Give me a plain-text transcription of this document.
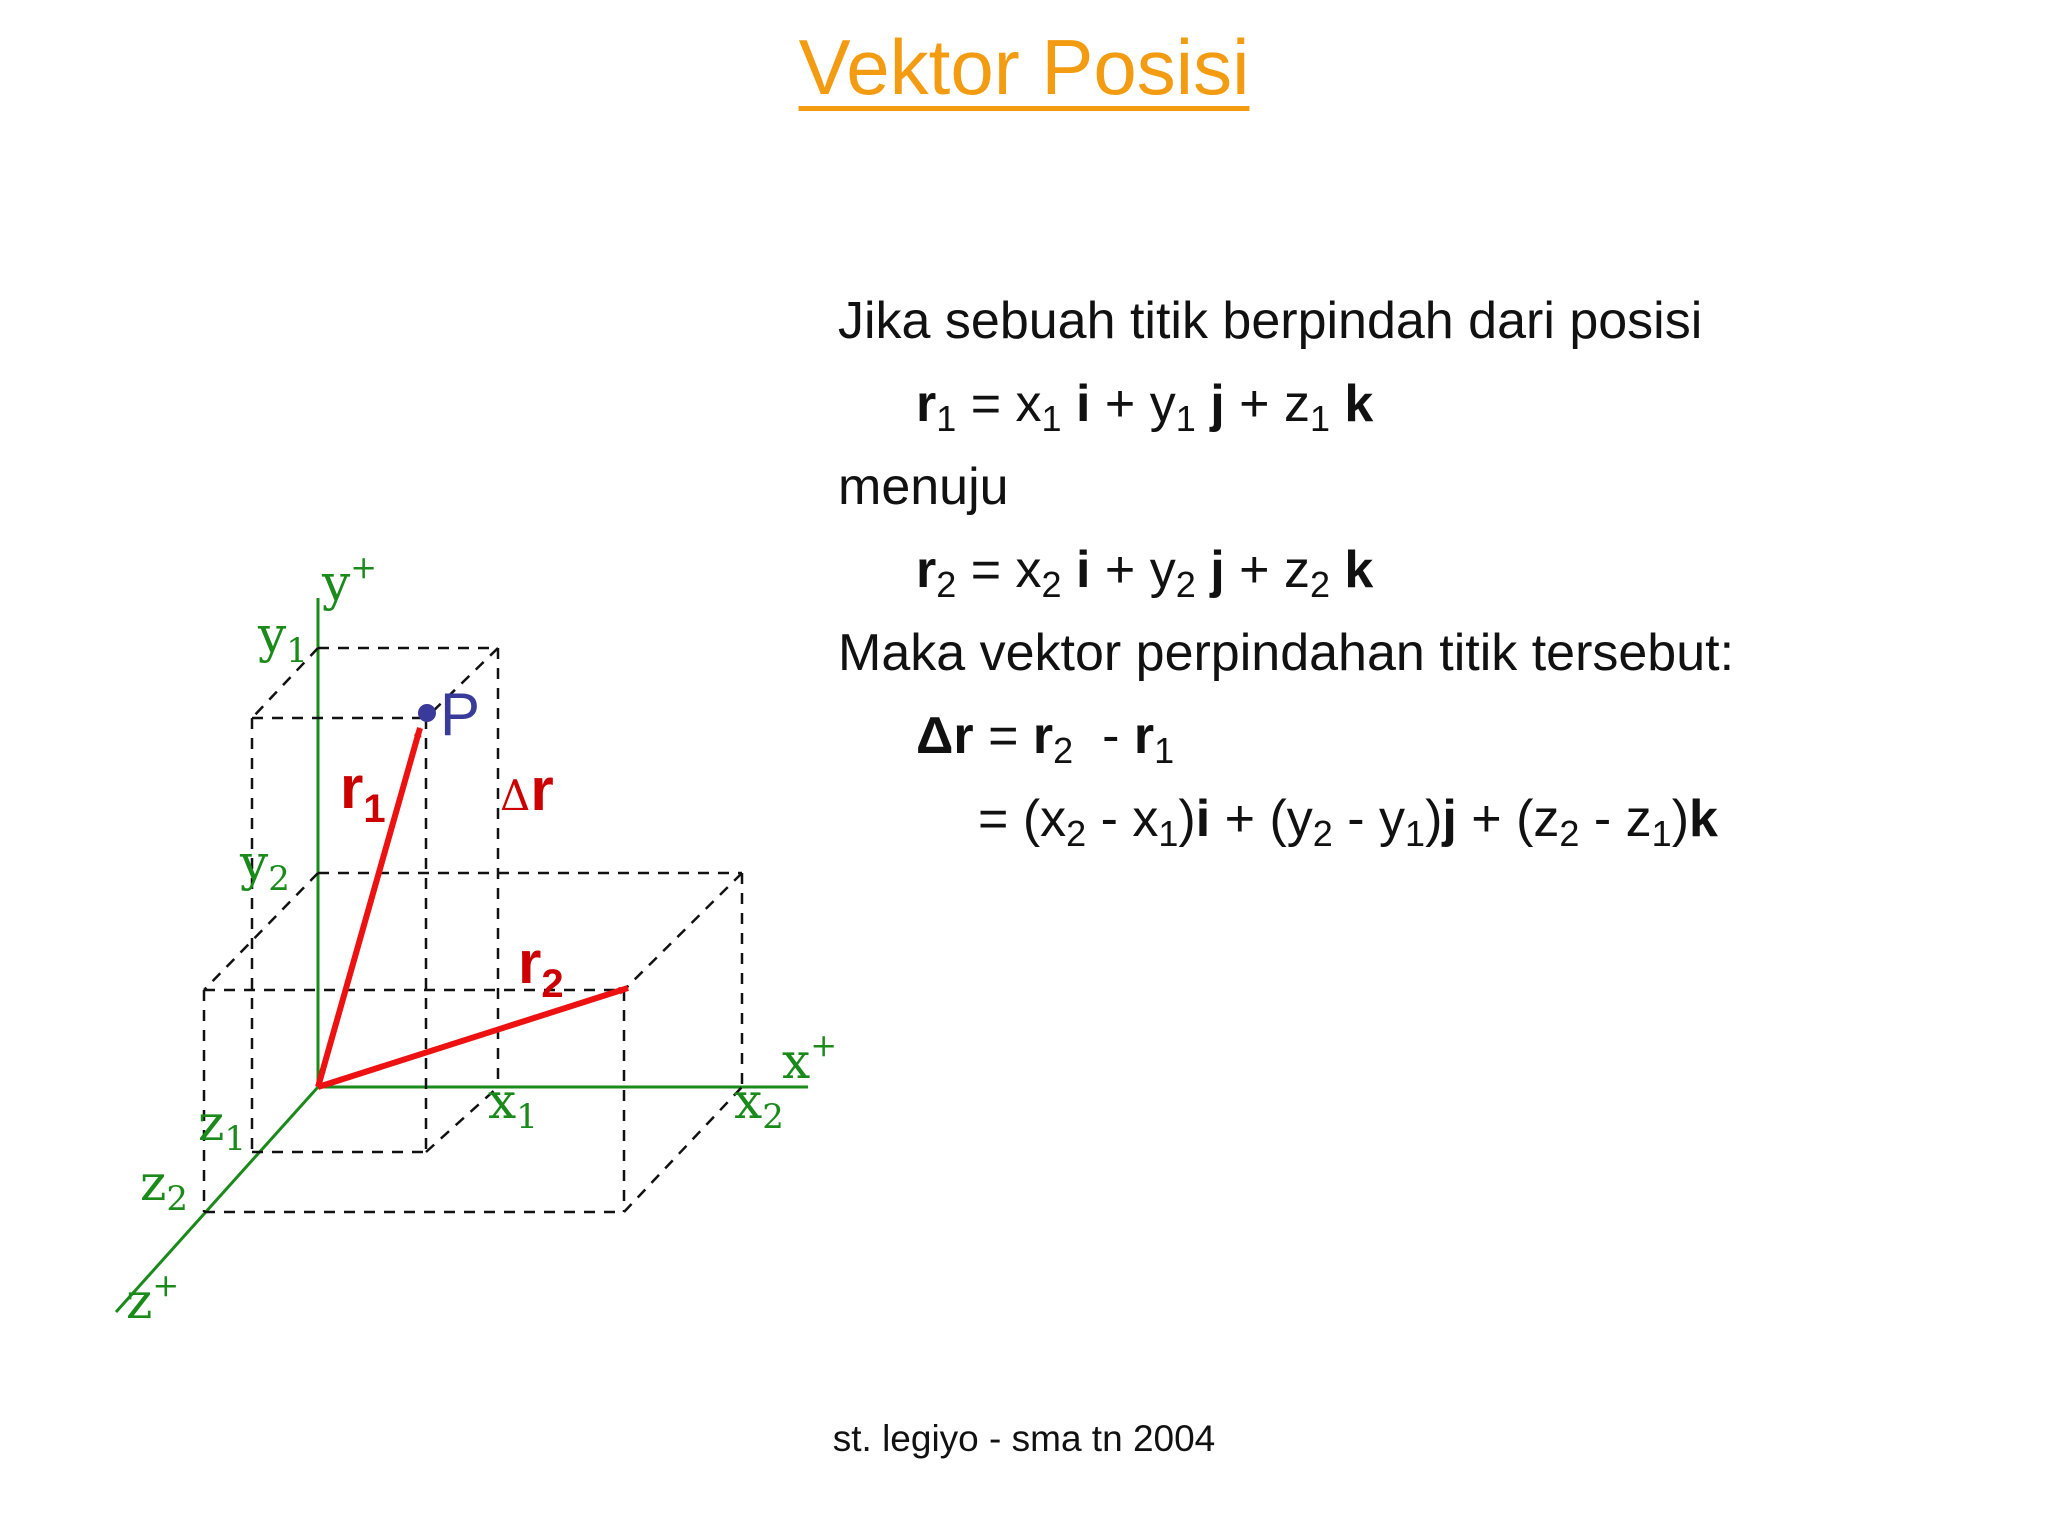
Vektor Posisi
P
y+
x+
z+
$y_1$
$y_2$
$x_1$	$x_2$
$z_1$
$z_2$
$r_1$
$r_2$
Δr
Jika sebuah titik berpindah dari posisi
$r_1 = x_1$ $i + y_1$ $j + z_1$ k
menuju
$r_2 = x_2$ $i + y_2$ $j + z_2$ k
Maka vektor perpindahan titik tersebut:
$\Delta r = r_2 - r_1$
= $(x_2 - x_1)i + (y_2 - y_1)j + (z_2 - z_1)k$
st. legiyo - sma tn 2004
